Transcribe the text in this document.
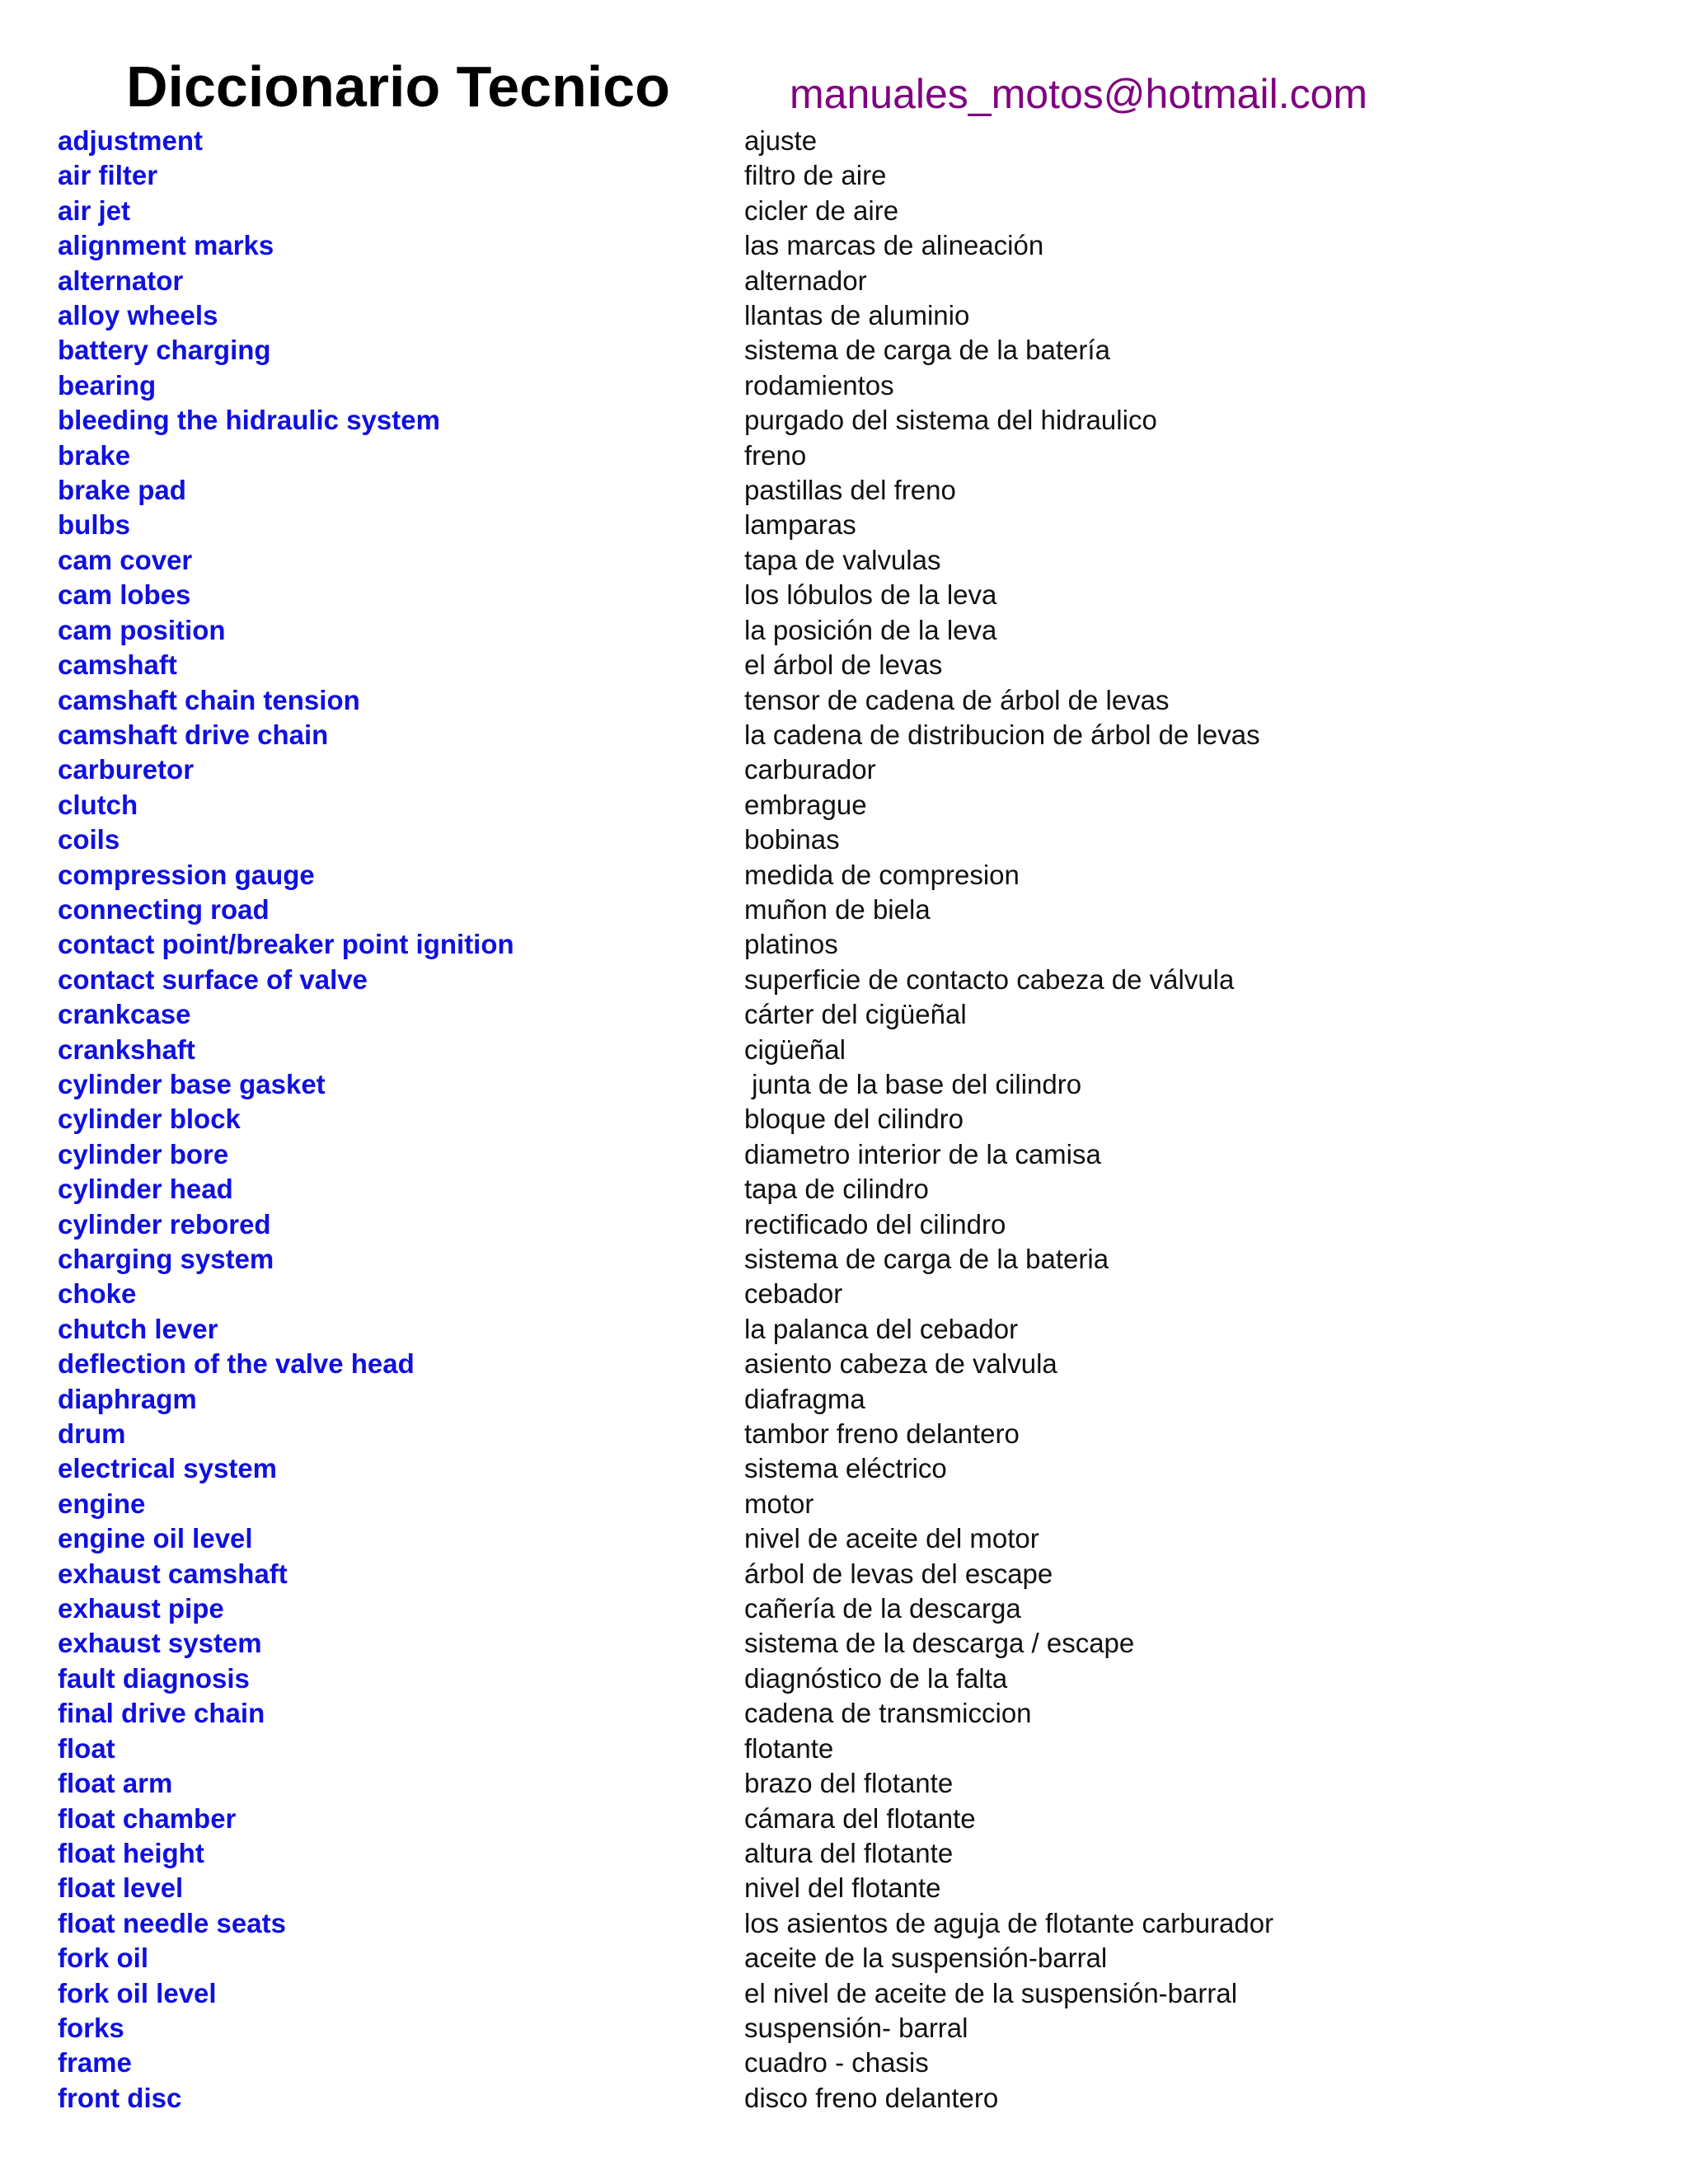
Diccionario Tecnico	manuales_motos@hotmail.com
adjustment	ajuste
air filter	filtro de aire
air jet	cicler de aire
alignment marks	las marcas de alineación
alternator	alternador
alloy wheels	llantas de aluminio
battery charging	sistema de carga de la batería
bearing	rodamientos
bleeding the hidraulic system	purgado del sistema del hidraulico
brake	freno
brake pad	pastillas del freno
bulbs	lamparas
cam cover	tapa de valvulas
cam lobes	los lóbulos de la leva
cam position	la posición de la leva
camshaft	el árbol de levas
camshaft chain tension	tensor de cadena de árbol de levas
camshaft drive chain	la cadena de distribucion de árbol de levas
carburetor	carburador
clutch	embrague
coils	bobinas
compression gauge	medida de compresion
connecting road	muñon de biela
contact point/breaker point ignition	platinos
contact surface of valve	superficie de contacto cabeza de válvula
crankcase	cárter del cigüeñal
crankshaft	cigüeñal
cylinder base gasket	junta de la base del cilindro
cylinder block	bloque del cilindro
cylinder bore	diametro interior de la camisa
cylinder head	tapa de cilindro
cylinder rebored	rectificado del cilindro
charging system	sistema de carga de la bateria
choke	cebador
chutch lever	la palanca del cebador
deflection of the valve head	asiento cabeza de valvula
diaphragm	diafragma
drum	tambor freno delantero
electrical system	sistema eléctrico
engine	motor
engine oil level	nivel de aceite del motor
exhaust camshaft	árbol de levas del escape
exhaust pipe	cañería de la descarga
exhaust system	sistema de la descarga / escape
fault diagnosis	diagnóstico de la falta
final drive chain	cadena de transmiccion
float	flotante
float arm	brazo del flotante
float chamber	cámara del flotante
float height	altura del flotante
float level	nivel del flotante
float needle seats	los asientos de aguja de flotante carburador
fork oil	aceite de la suspensión-barral
fork oil level	el nivel de aceite de la suspensión-barral
forks	suspensión- barral
frame	cuadro - chasis
front disc	disco freno delantero
